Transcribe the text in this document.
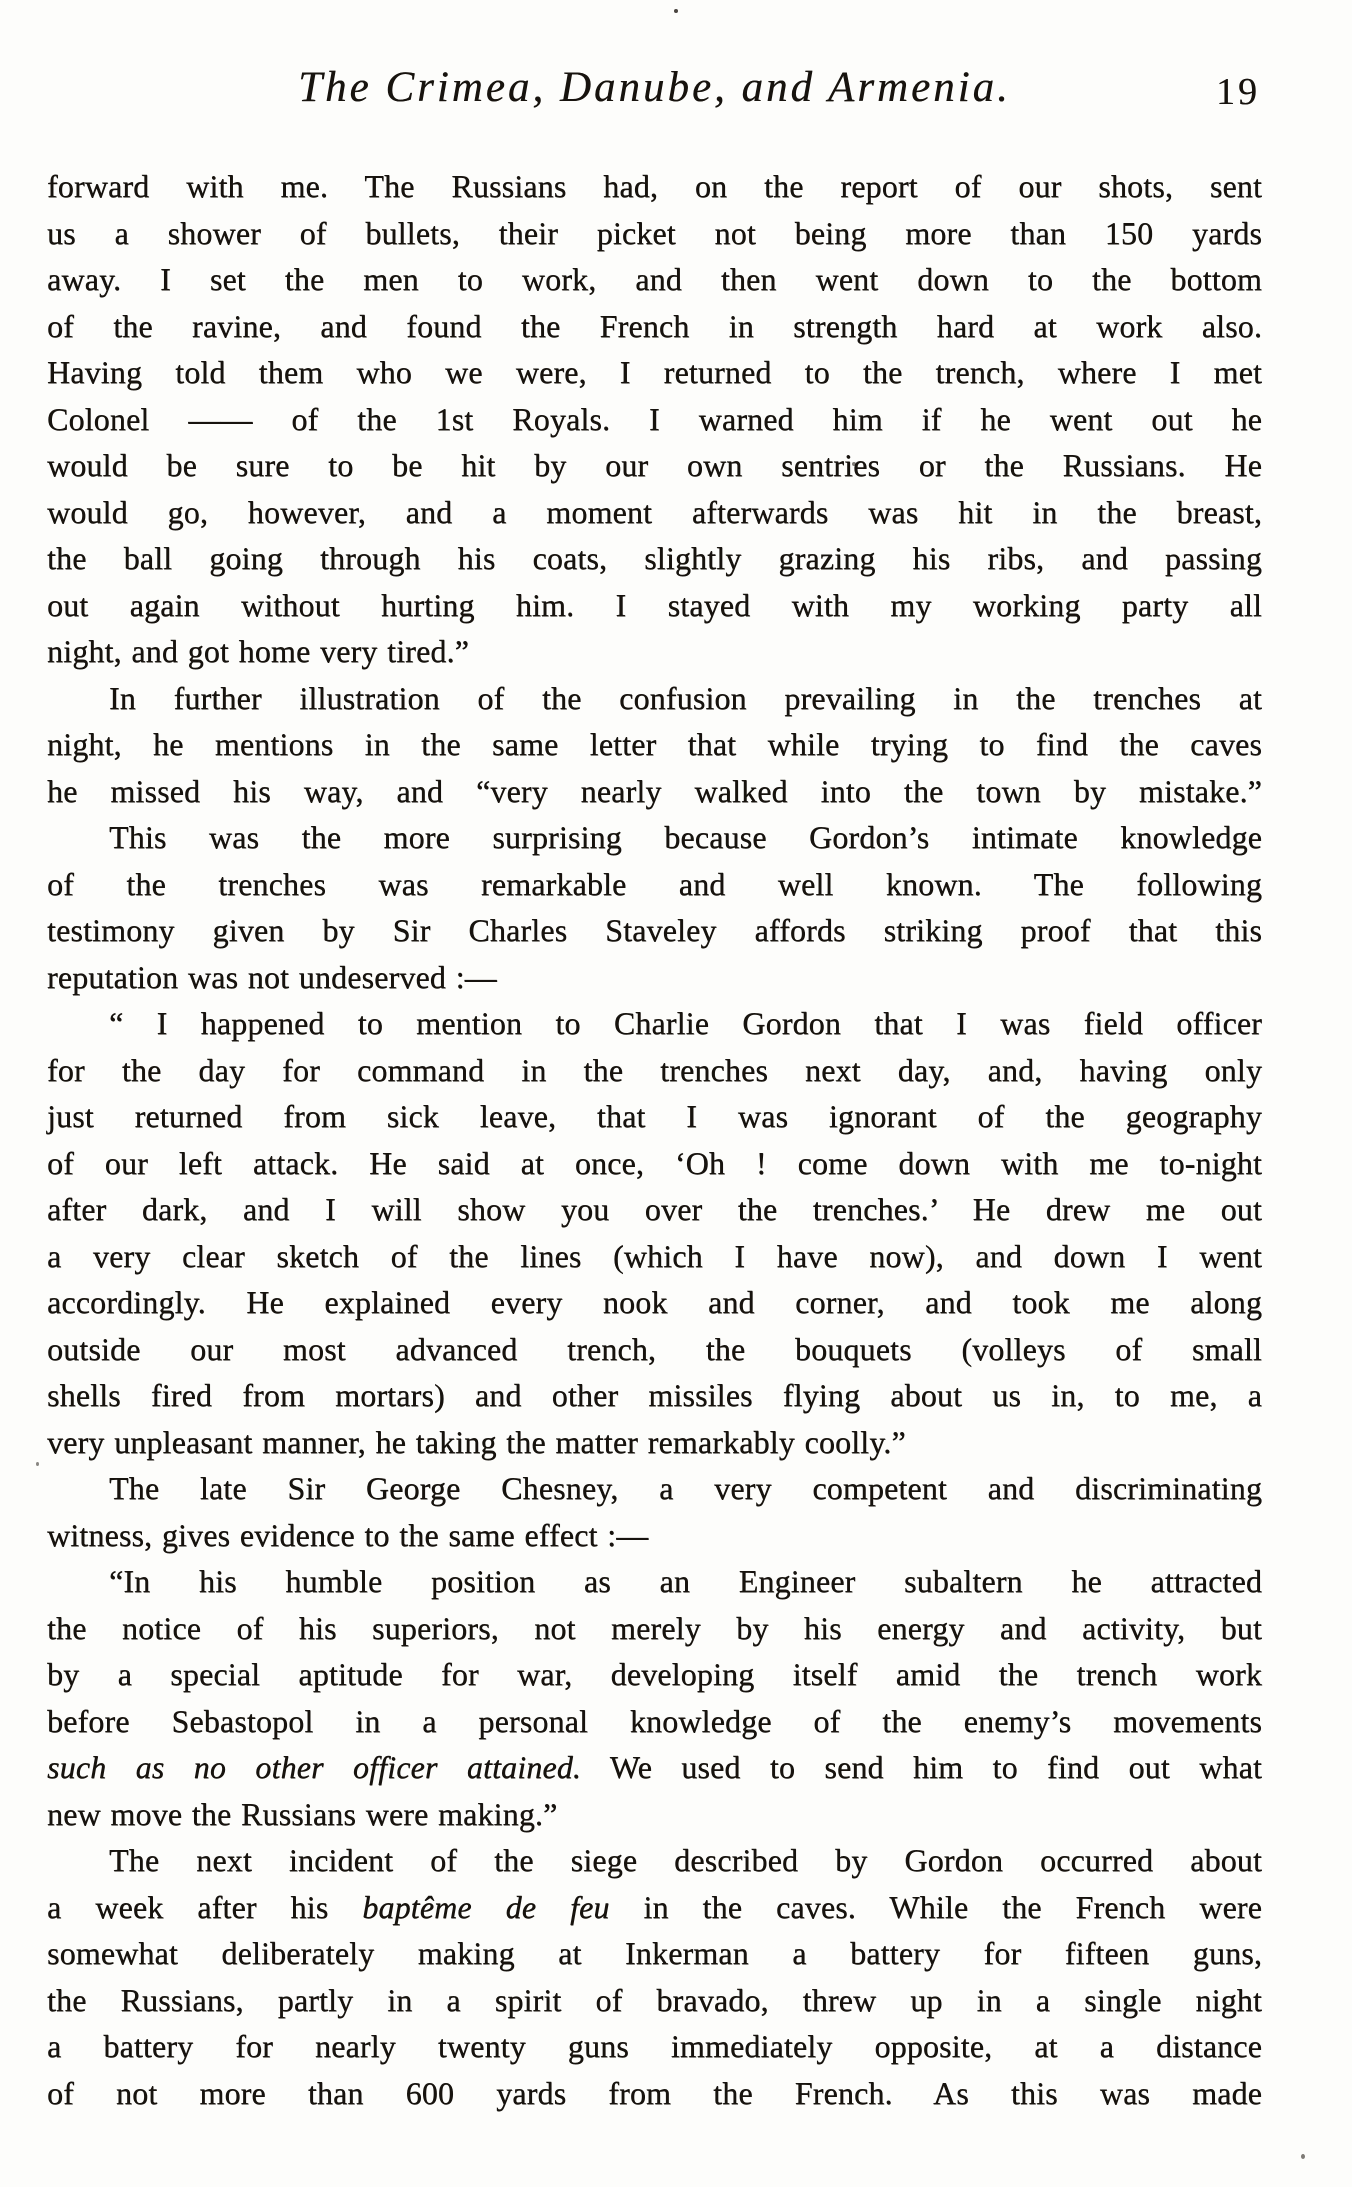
The Crimea, Danube, and Armenia.	19
forward with me. The Russians had, on the report of our shots, sent
us a shower of bullets, their picket not being more than 150 yards
away. I set the men to work, and then went down to the bottom
of the ravine, and found the French in strength hard at work also.
Having told them who we were, I returned to the trench, where I met
Colonel —— of the 1st Royals. I warned him if he went out he
would be sure to be hit by our own sentries or the Russians. He
would go, however, and a moment afterwards was hit in the breast,
the ball going through his coats, slightly grazing his ribs, and passing
out again without hurting him. I stayed with my working party all
night, and got home very tired.”
In further illustration of the confusion prevailing in the trenches at
night, he mentions in the same letter that while trying to find the caves
he missed his way, and “very nearly walked into the town by mistake.”
This was the more surprising because Gordon’s intimate knowledge
of the trenches was remarkable and well known. The following
testimony given by Sir Charles Staveley affords striking proof that this
reputation was not undeserved :—
“ I happened to mention to Charlie Gordon that I was field officer
for the day for command in the trenches next day, and, having only
just returned from sick leave, that I was ignorant of the geography
of our left attack. He said at once, ‘Oh ! come down with me to-night
after dark, and I will show you over the trenches.’ He drew me out
a very clear sketch of the lines (which I have now), and down I went
accordingly. He explained every nook and corner, and took me along
outside our most advanced trench, the bouquets (volleys of small
shells fired from mortars) and other missiles flying about us in, to me, a
very unpleasant manner, he taking the matter remarkably coolly.”
The late Sir George Chesney, a very competent and discriminating
witness, gives evidence to the same effect :—
“In his humble position as an Engineer subaltern he attracted
the notice of his superiors, not merely by his energy and activity, but
by a special aptitude for war, developing itself amid the trench work
before Sebastopol in a personal knowledge of the enemy’s movements
such as no other officer attained. We used to send him to find out what
new move the Russians were making.”
The next incident of the siege described by Gordon occurred about
a week after his baptême de feu in the caves. While the French were
somewhat deliberately making at Inkerman a battery for fifteen guns,
the Russians, partly in a spirit of bravado, threw up in a single night
a battery for nearly twenty guns immediately opposite, at a distance
of not more than 600 yards from the French. As this was made
